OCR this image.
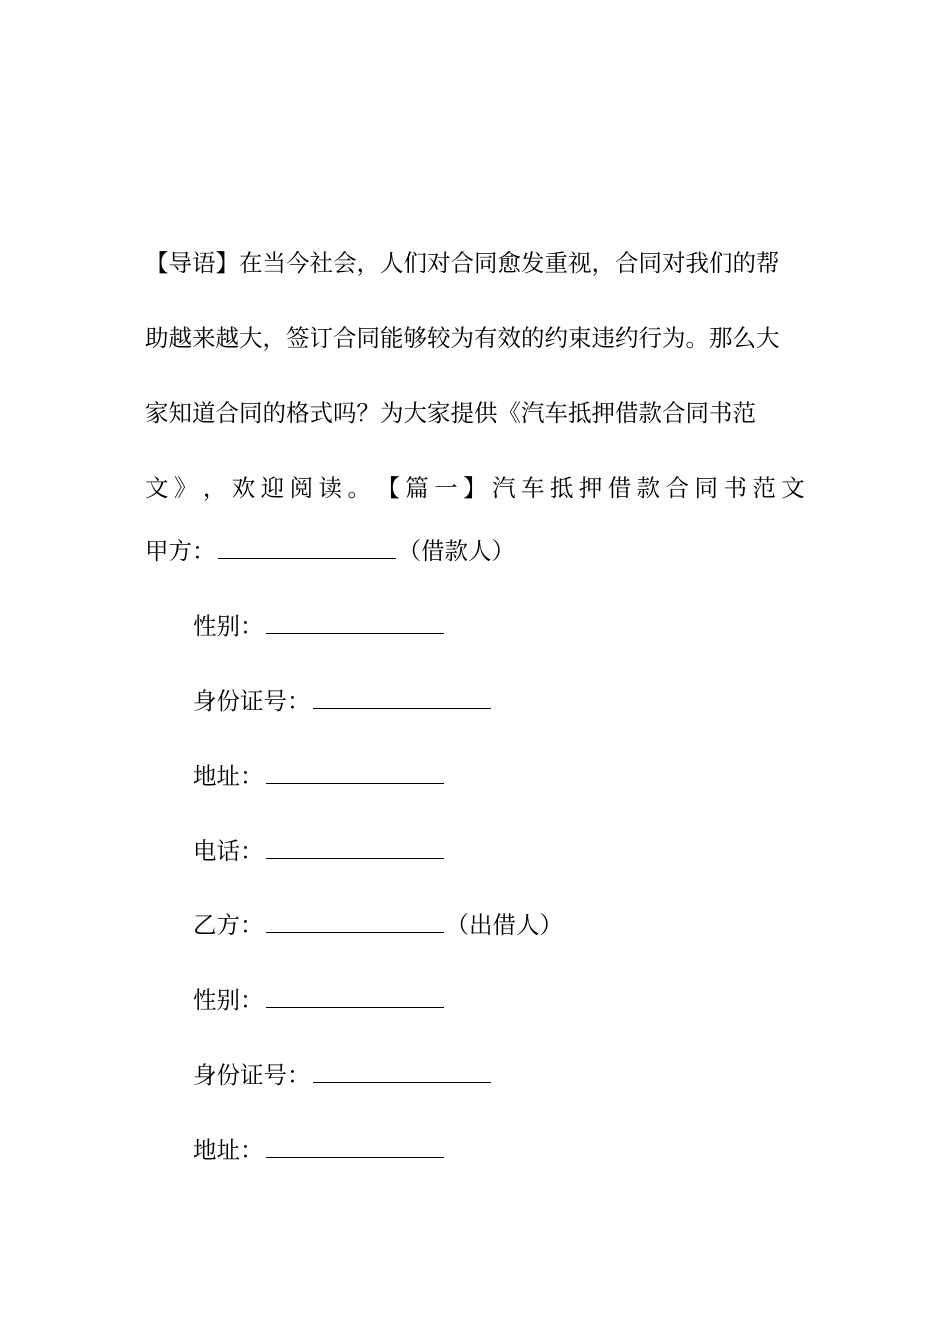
【导语】在当今社会，人们对合同愈发重视，合同对我们的帮
助越来越大，签订合同能够较为有效的约束违约行为。那么大
家知道合同的格式吗？为大家提供《汽车抵押借款合同书范
文 》 ， 欢 迎 阅 读 。 【 篇 一 】 汽 车 抵 押 借 款 合 同 书 范 文
甲方：	（借款人）
性别：
身份证号：
地址：
电话：
乙方：	（出借人）
性别：
身份证号：
地址：
